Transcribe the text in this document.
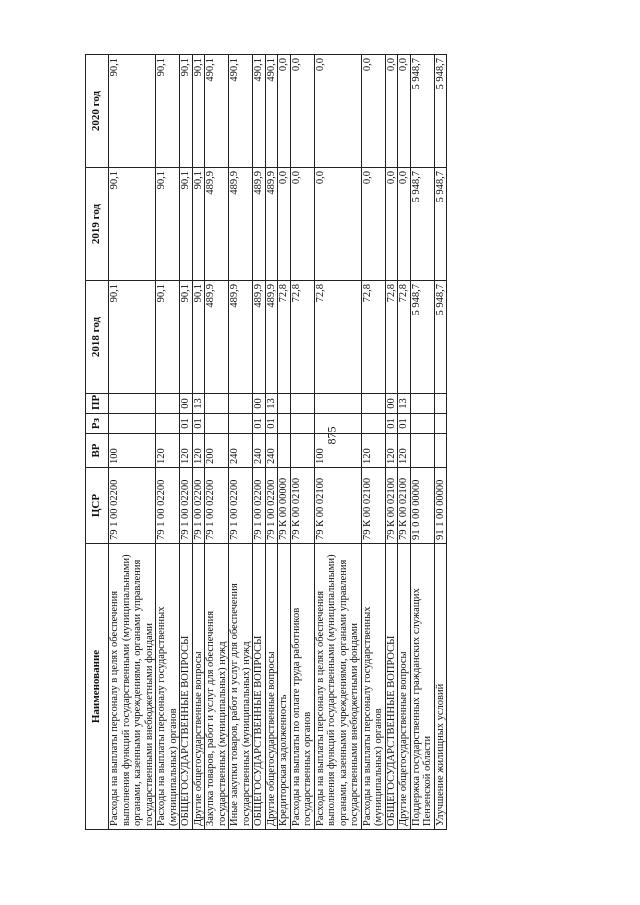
875
Наименование	ЦСР	ВР	Рз	ПР	2018 год	2019 год	2020 год
Расходы на выплаты персоналу в целях обеспечения выполнения функций государственными (муниципальными) органами, казенными учреждениями, органами управления государственными внебюджетными фондами	79 1 00 02200	100			90,1	90,1	90,1
Расходы на выплаты персоналу государственных (муниципальных) органов	79 1 00 02200	120			90,1	90,1	90,1
ОБЩЕГОСУДАРСТВЕННЫЕ ВОПРОСЫ	79 1 00 02200	120	01	00	90,1	90,1	90,1
Другие общегосударственные вопросы	79 1 00 02200	120	01	13	90,1	90,1	90,1
Закупка товаров, работ и услуг для обеспечения государственных (муниципальных) нужд	79 1 00 02200	200			489,9	489,9	490,1
Иные закупки товаров, работ и услуг для обеспечения государственных (муниципальных) нужд	79 1 00 02200	240			489,9	489,9	490,1
ОБЩЕГОСУДАРСТВЕННЫЕ ВОПРОСЫ	79 1 00 02200	240	01	00	489,9	489,9	490,1
Другие общегосударственные вопросы	79 1 00 02200	240	01	13	489,9	489,9	490,1
Кредиторская задолженность	79 К 00 00000				72,8	0,0	0,0
Расходы на выплаты по оплате труда работников государственных органов	79 К 00 02100				72,8	0,0	0,0
Расходы на выплаты персоналу в целях обеспечения выполнения функций государственными (муниципальными) органами, казенными учреждениями, органами управления государственными внебюджетными фондами	79 К 00 02100	100			72,8	0,0	0,0
Расходы на выплаты персоналу государственных (муниципальных) органов	79 К 00 02100	120			72,8	0,0	0,0
ОБЩЕГОСУДАРСТВЕННЫЕ ВОПРОСЫ	79 К 00 02100	120	01	00	72,8	0,0	0,0
Другие общегосударственные вопросы	79 К 00 02100	120	01	13	72,8	0,0	0,0
Поддержка государственных гражданских служащих Пензенской области	91 0 00 00000				5 948,7	5 948,7	5 948,7
Улучшение жилищных условий	91 1 00 00000				5 948,7	5 948,7	5 948,7
